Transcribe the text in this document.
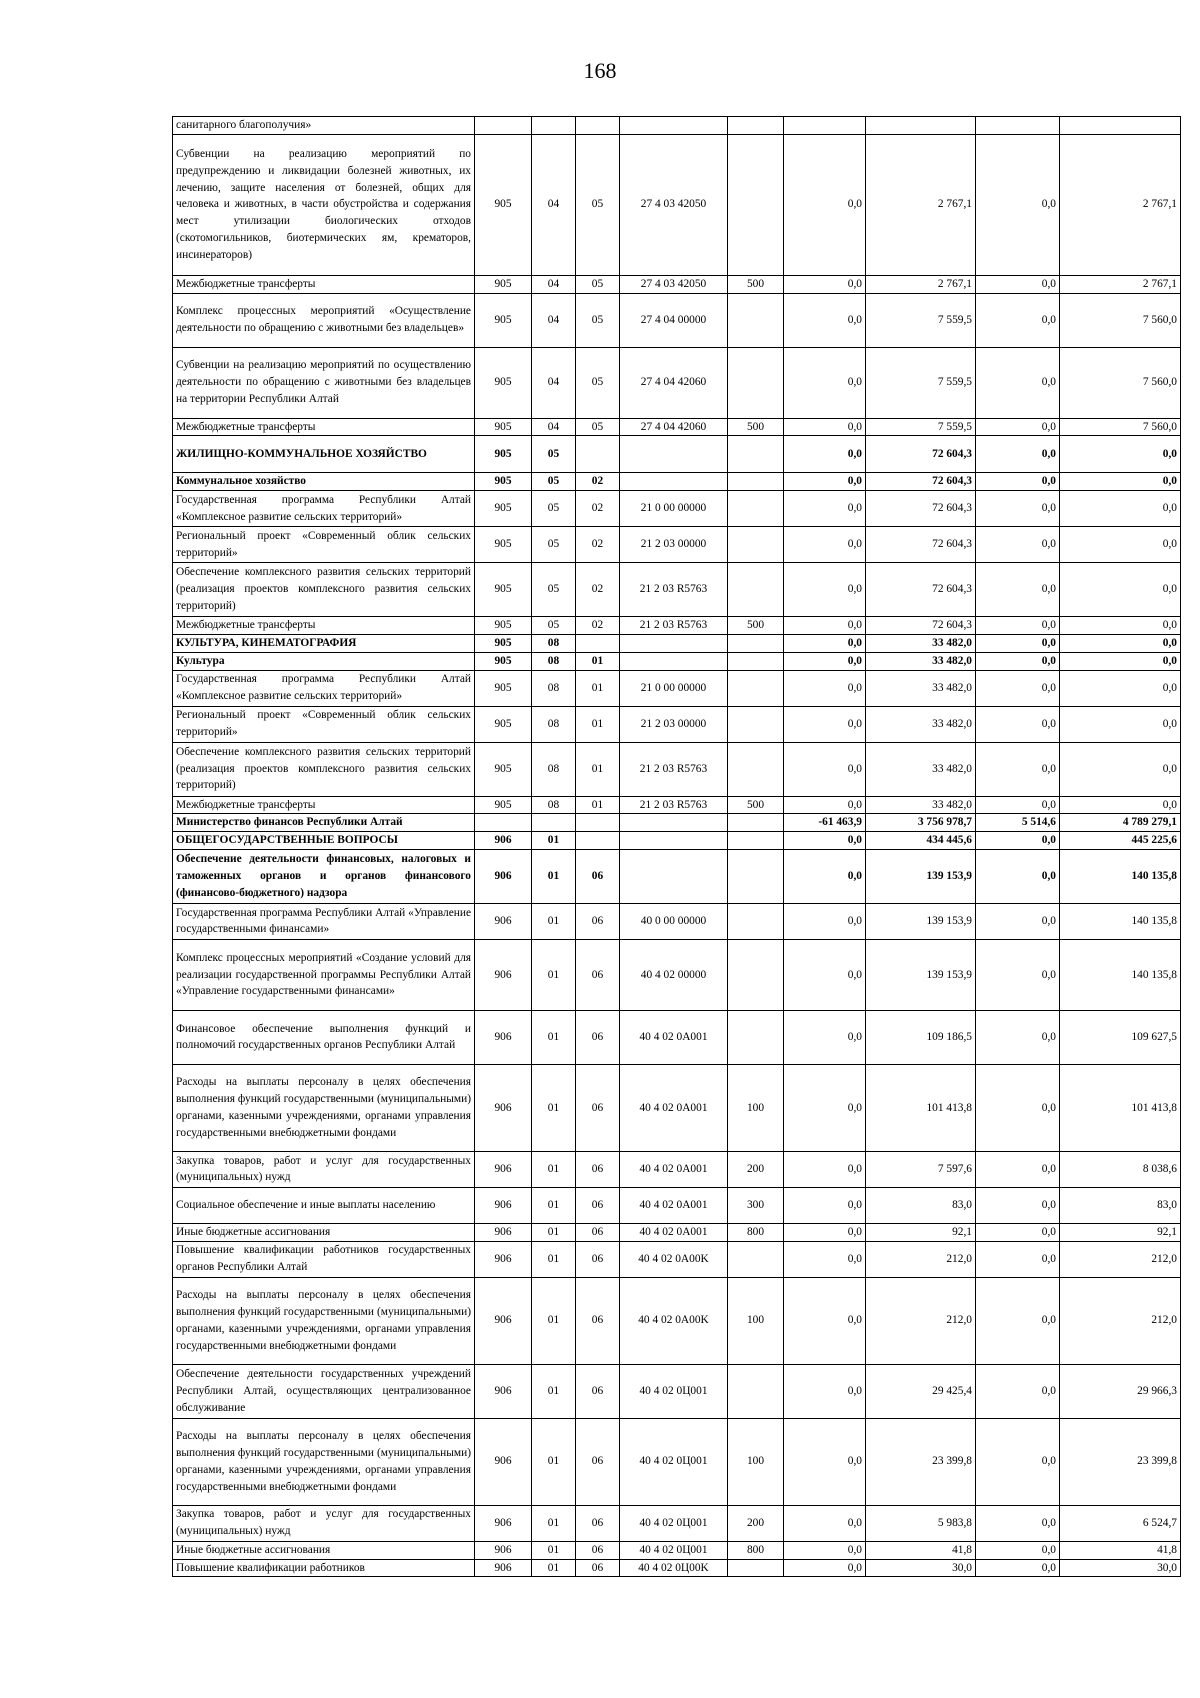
168
санитарного благополучия»									
Субвенции на реализацию мероприятий по предупреждению и ликвидации болезней животных, их лечению, защите населения от болезней, общих для человека и животных, в части обустройства и содержания мест утилизации биологических отходов (скотомогильников, биотермических ям, крематоров, инсинераторов)	905	04	05	27 4 03 42050		0,0	2 767,1	0,0	2 767,1
Межбюджетные трансферты	905	04	05	27 4 03 42050	500	0,0	2 767,1	0,0	2 767,1
Комплекс процессных мероприятий «Осуществление деятельности по обращению с животными без владельцев»	905	04	05	27 4 04 00000		0,0	7 559,5	0,0	7 560,0
Субвенции на реализацию мероприятий по осуществлению деятельности по обращению с животными без владельцев на территории Республики Алтай	905	04	05	27 4 04 42060		0,0	7 559,5	0,0	7 560,0
Межбюджетные трансферты	905	04	05	27 4 04 42060	500	0,0	7 559,5	0,0	7 560,0
ЖИЛИЩНО-КОММУНАЛЬНОЕ ХОЗЯЙСТВО	905	05				0,0	72 604,3	0,0	0,0
Коммунальное хозяйство	905	05	02			0,0	72 604,3	0,0	0,0
Государственная программа Республики Алтай «Комплексное развитие сельских территорий»	905	05	02	21 0 00 00000		0,0	72 604,3	0,0	0,0
Региональный проект «Современный облик сельских территорий»	905	05	02	21 2 03 00000		0,0	72 604,3	0,0	0,0
Обеспечение комплексного развития сельских территорий (реализация проектов комплексного развития сельских территорий)	905	05	02	21 2 03 R5763		0,0	72 604,3	0,0	0,0
Межбюджетные трансферты	905	05	02	21 2 03 R5763	500	0,0	72 604,3	0,0	0,0
КУЛЬТУРА, КИНЕМАТОГРАФИЯ	905	08				0,0	33 482,0	0,0	0,0
Культура	905	08	01			0,0	33 482,0	0,0	0,0
Государственная программа Республики Алтай «Комплексное развитие сельских территорий»	905	08	01	21 0 00 00000		0,0	33 482,0	0,0	0,0
Региональный проект «Современный облик сельских территорий»	905	08	01	21 2 03 00000		0,0	33 482,0	0,0	0,0
Обеспечение комплексного развития сельских территорий (реализация проектов комплексного развития сельских территорий)	905	08	01	21 2 03 R5763		0,0	33 482,0	0,0	0,0
Межбюджетные трансферты	905	08	01	21 2 03 R5763	500	0,0	33 482,0	0,0	0,0
Министерство финансов Республики Алтай						-61 463,9	3 756 978,7	5 514,6	4 789 279,1
ОБЩЕГОСУДАРСТВЕННЫЕ ВОПРОСЫ	906	01				0,0	434 445,6	0,0	445 225,6
Обеспечение деятельности финансовых, налоговых и таможенных органов и органов финансового (финансово-бюджетного) надзора	906	01	06			0,0	139 153,9	0,0	140 135,8
Государственная программа Республики Алтай «Управление государственными финансами»	906	01	06	40 0 00 00000		0,0	139 153,9	0,0	140 135,8
Комплекс процессных мероприятий «Создание условий для реализации государственной программы Республики Алтай «Управление государственными финансами»	906	01	06	40 4 02 00000		0,0	139 153,9	0,0	140 135,8
Финансовое обеспечение выполнения функций и полномочий государственных органов Республики Алтай	906	01	06	40 4 02 0A001		0,0	109 186,5	0,0	109 627,5
Расходы на выплаты персоналу в целях обеспечения выполнения функций государственными (муниципальными) органами, казенными учреждениями, органами управления государственными внебюджетными фондами	906	01	06	40 4 02 0A001	100	0,0	101 413,8	0,0	101 413,8
Закупка товаров, работ и услуг для государственных (муниципальных) нужд	906	01	06	40 4 02 0A001	200	0,0	7 597,6	0,0	8 038,6
Социальное обеспечение и иные выплаты населению	906	01	06	40 4 02 0A001	300	0,0	83,0	0,0	83,0
Иные бюджетные ассигнования	906	01	06	40 4 02 0A001	800	0,0	92,1	0,0	92,1
Повышение квалификации работников государственных органов Республики Алтай	906	01	06	40 4 02 0A00K		0,0	212,0	0,0	212,0
Расходы на выплаты персоналу в целях обеспечения выполнения функций государственными (муниципальными) органами, казенными учреждениями, органами управления государственными внебюджетными фондами	906	01	06	40 4 02 0A00K	100	0,0	212,0	0,0	212,0
Обеспечение деятельности государственных учреждений Республики Алтай, осуществляющих централизованное обслуживание	906	01	06	40 4 02 0Ц001		0,0	29 425,4	0,0	29 966,3
Расходы на выплаты персоналу в целях обеспечения выполнения функций государственными (муниципальными) органами, казенными учреждениями, органами управления государственными внебюджетными фондами	906	01	06	40 4 02 0Ц001	100	0,0	23 399,8	0,0	23 399,8
Закупка товаров, работ и услуг для государственных (муниципальных) нужд	906	01	06	40 4 02 0Ц001	200	0,0	5 983,8	0,0	6 524,7
Иные бюджетные ассигнования	906	01	06	40 4 02 0Ц001	800	0,0	41,8	0,0	41,8
Повышение квалификации работников	906	01	06	40 4 02 0Ц00K		0,0	30,0	0,0	30,0
